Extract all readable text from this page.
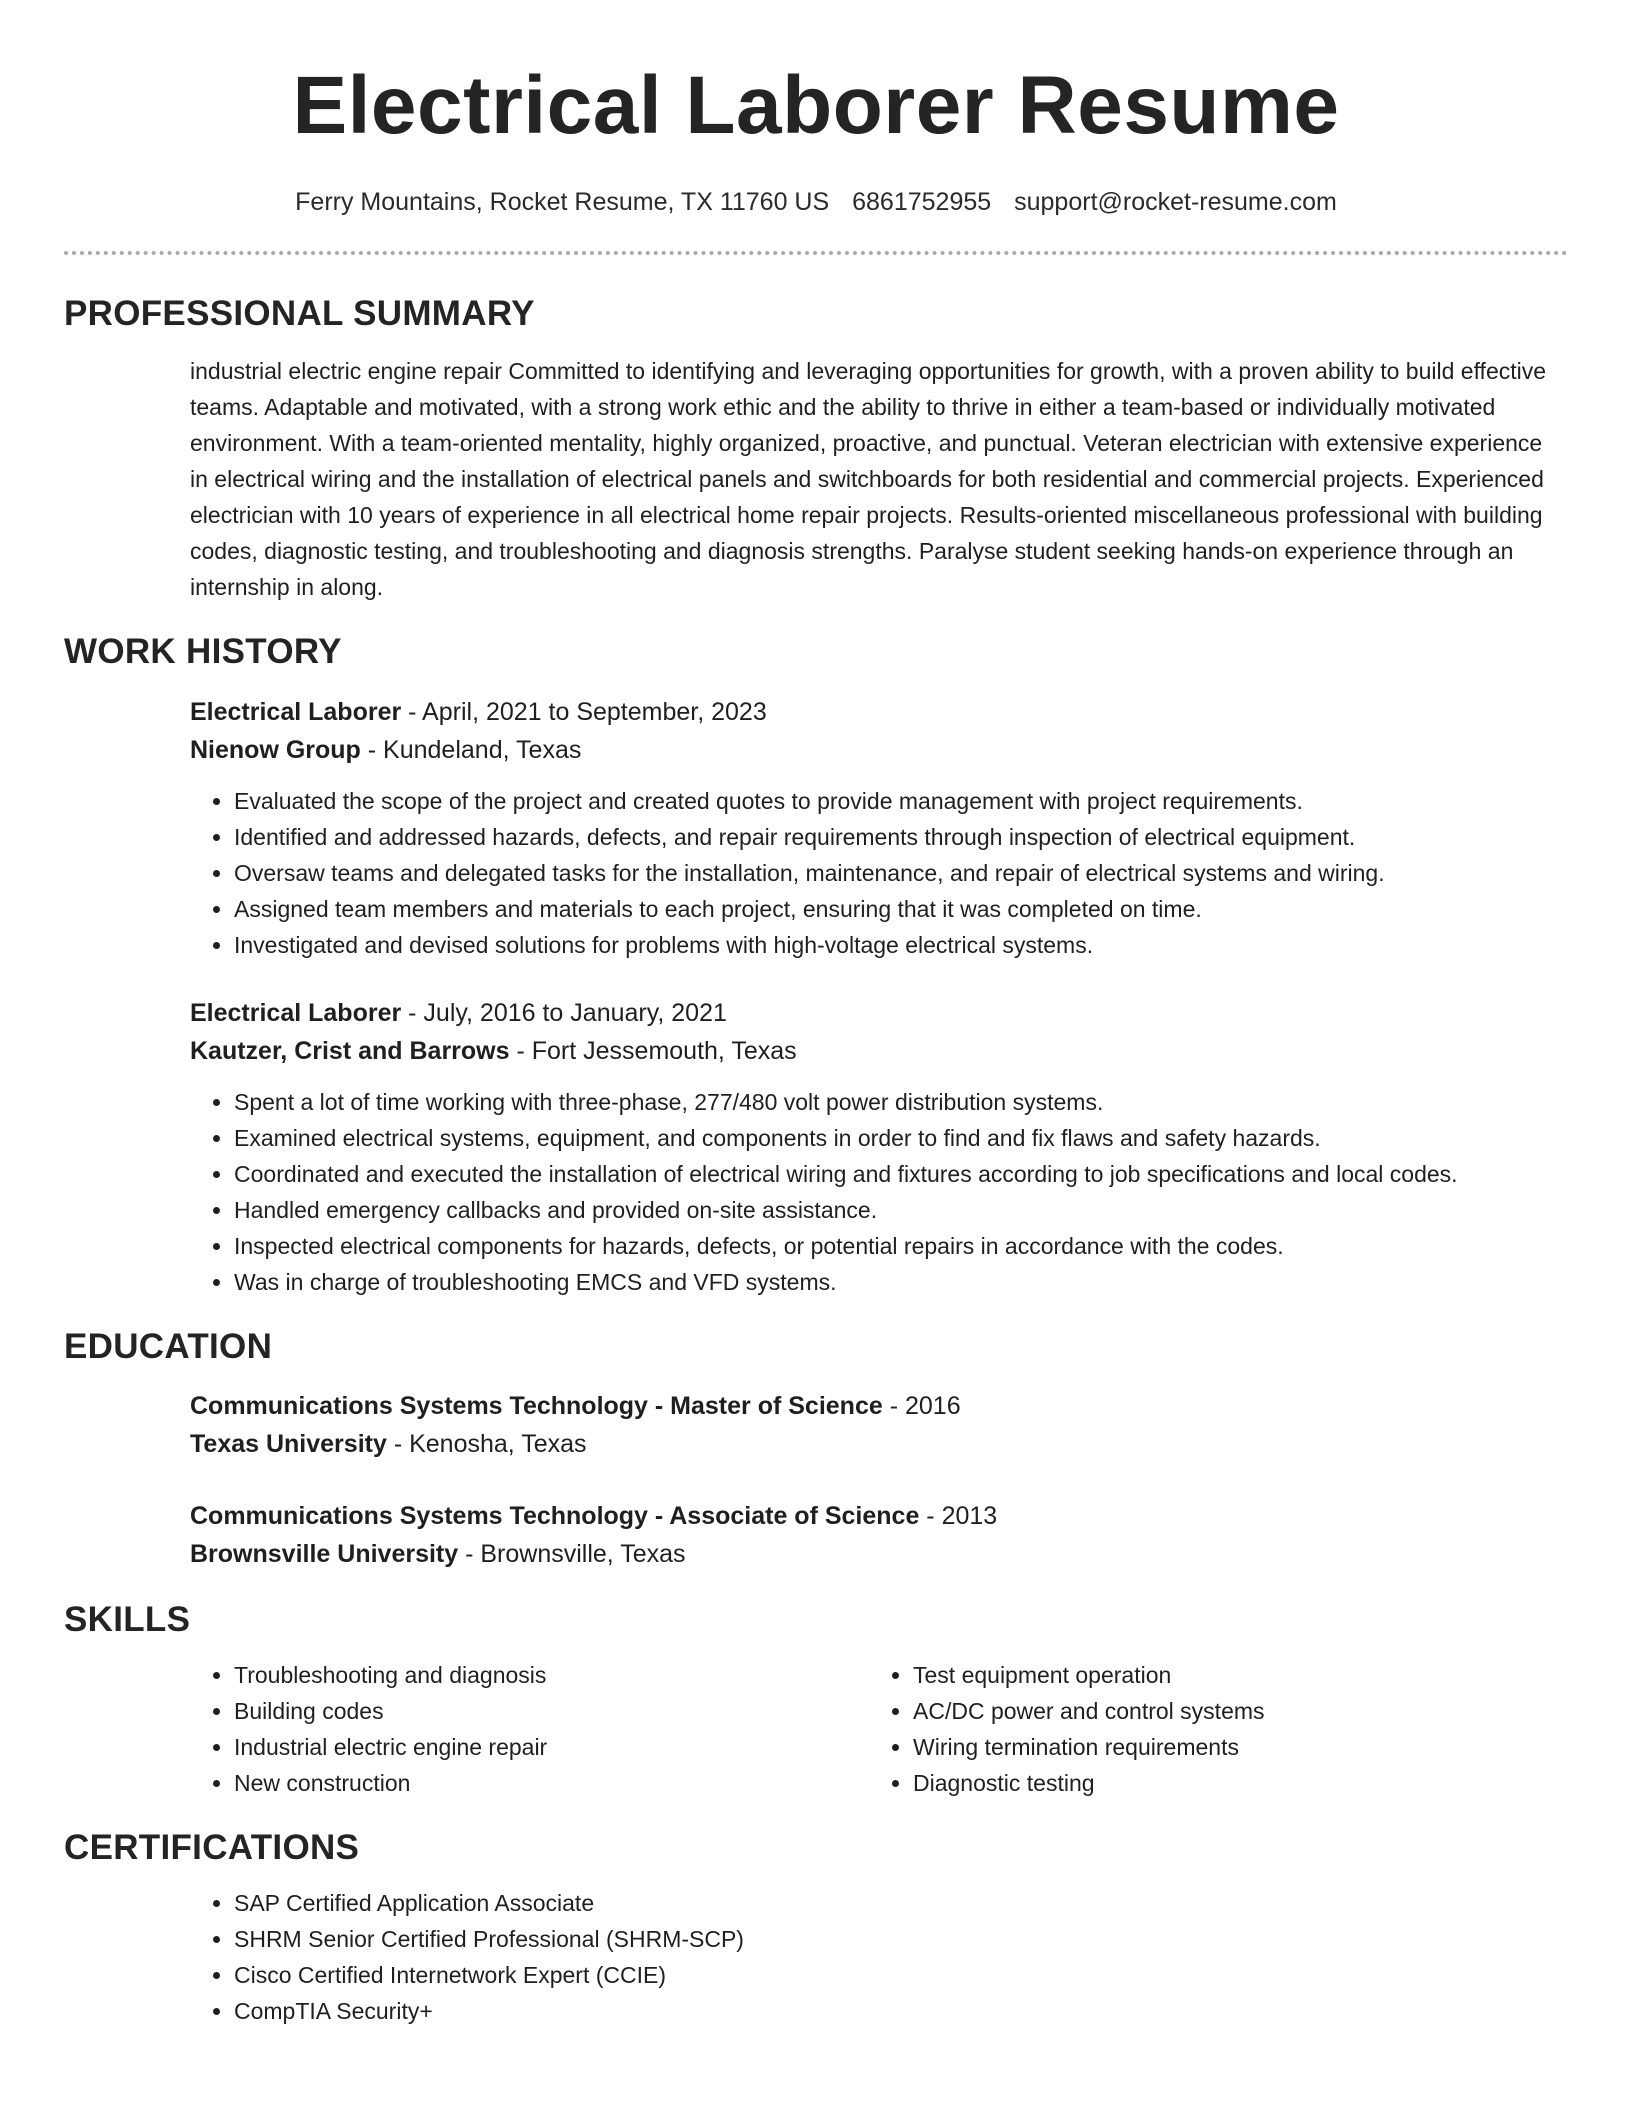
Electrical Laborer Resume
Ferry Mountains, Rocket Resume, TX 11760 US 6861752955 support@rocket-resume.com
PROFESSIONAL SUMMARY

industrial electric engine repair Committed to identifying and leveraging opportunities for growth, with a proven ability to build effective teams. Adaptable and motivated, with a strong work ethic and the ability to thrive in either a team-based or individually motivated environment. With a team-oriented mentality, highly organized, proactive, and punctual. Veteran electrician with extensive experience in electrical wiring and the installation of electrical panels and switchboards for both residential and commercial projects. Experienced electrician with 10 years of experience in all electrical home repair projects. Results-oriented miscellaneous professional with building codes, diagnostic testing, and troubleshooting and diagnosis strengths. Paralyse student seeking hands-on experience through an internship in along.

WORK HISTORY
Electrical Laborer - April, 2021 to September, 2023
Nienow Group - Kundeland, Texas
• Evaluated the scope of the project and created quotes to provide management with project requirements.
• Identified and addressed hazards, defects, and repair requirements through inspection of electrical equipment.
• Oversaw teams and delegated tasks for the installation, maintenance, and repair of electrical systems and wiring.
• Assigned team members and materials to each project, ensuring that it was completed on time.
• Investigated and devised solutions for problems with high-voltage electrical systems.
Electrical Laborer - July, 2016 to January, 2021
Kautzer, Crist and Barrows - Fort Jessemouth, Texas
• Spent a lot of time working with three-phase, 277/480 volt power distribution systems.
• Examined electrical systems, equipment, and components in order to find and fix flaws and safety hazards.
• Coordinated and executed the installation of electrical wiring and fixtures according to job specifications and local codes.
• Handled emergency callbacks and provided on-site assistance.
• Inspected electrical components for hazards, defects, or potential repairs in accordance with the codes.
• Was in charge of troubleshooting EMCS and VFD systems.
EDUCATION
Communications Systems Technology - Master of Science - 2016
Texas University - Kenosha, Texas
Communications Systems Technology - Associate of Science - 2013
Brownsville University - Brownsville, Texas
SKILLS
• Troubleshooting and diagnosis
• Building codes
• Industrial electric engine repair
• New construction
• Test equipment operation
• AC/DC power and control systems
• Wiring termination requirements
• Diagnostic testing
CERTIFICATIONS
• SAP Certified Application Associate
• SHRM Senior Certified Professional (SHRM-SCP)
• Cisco Certified Internetwork Expert (CCIE)
• CompTIA Security+
